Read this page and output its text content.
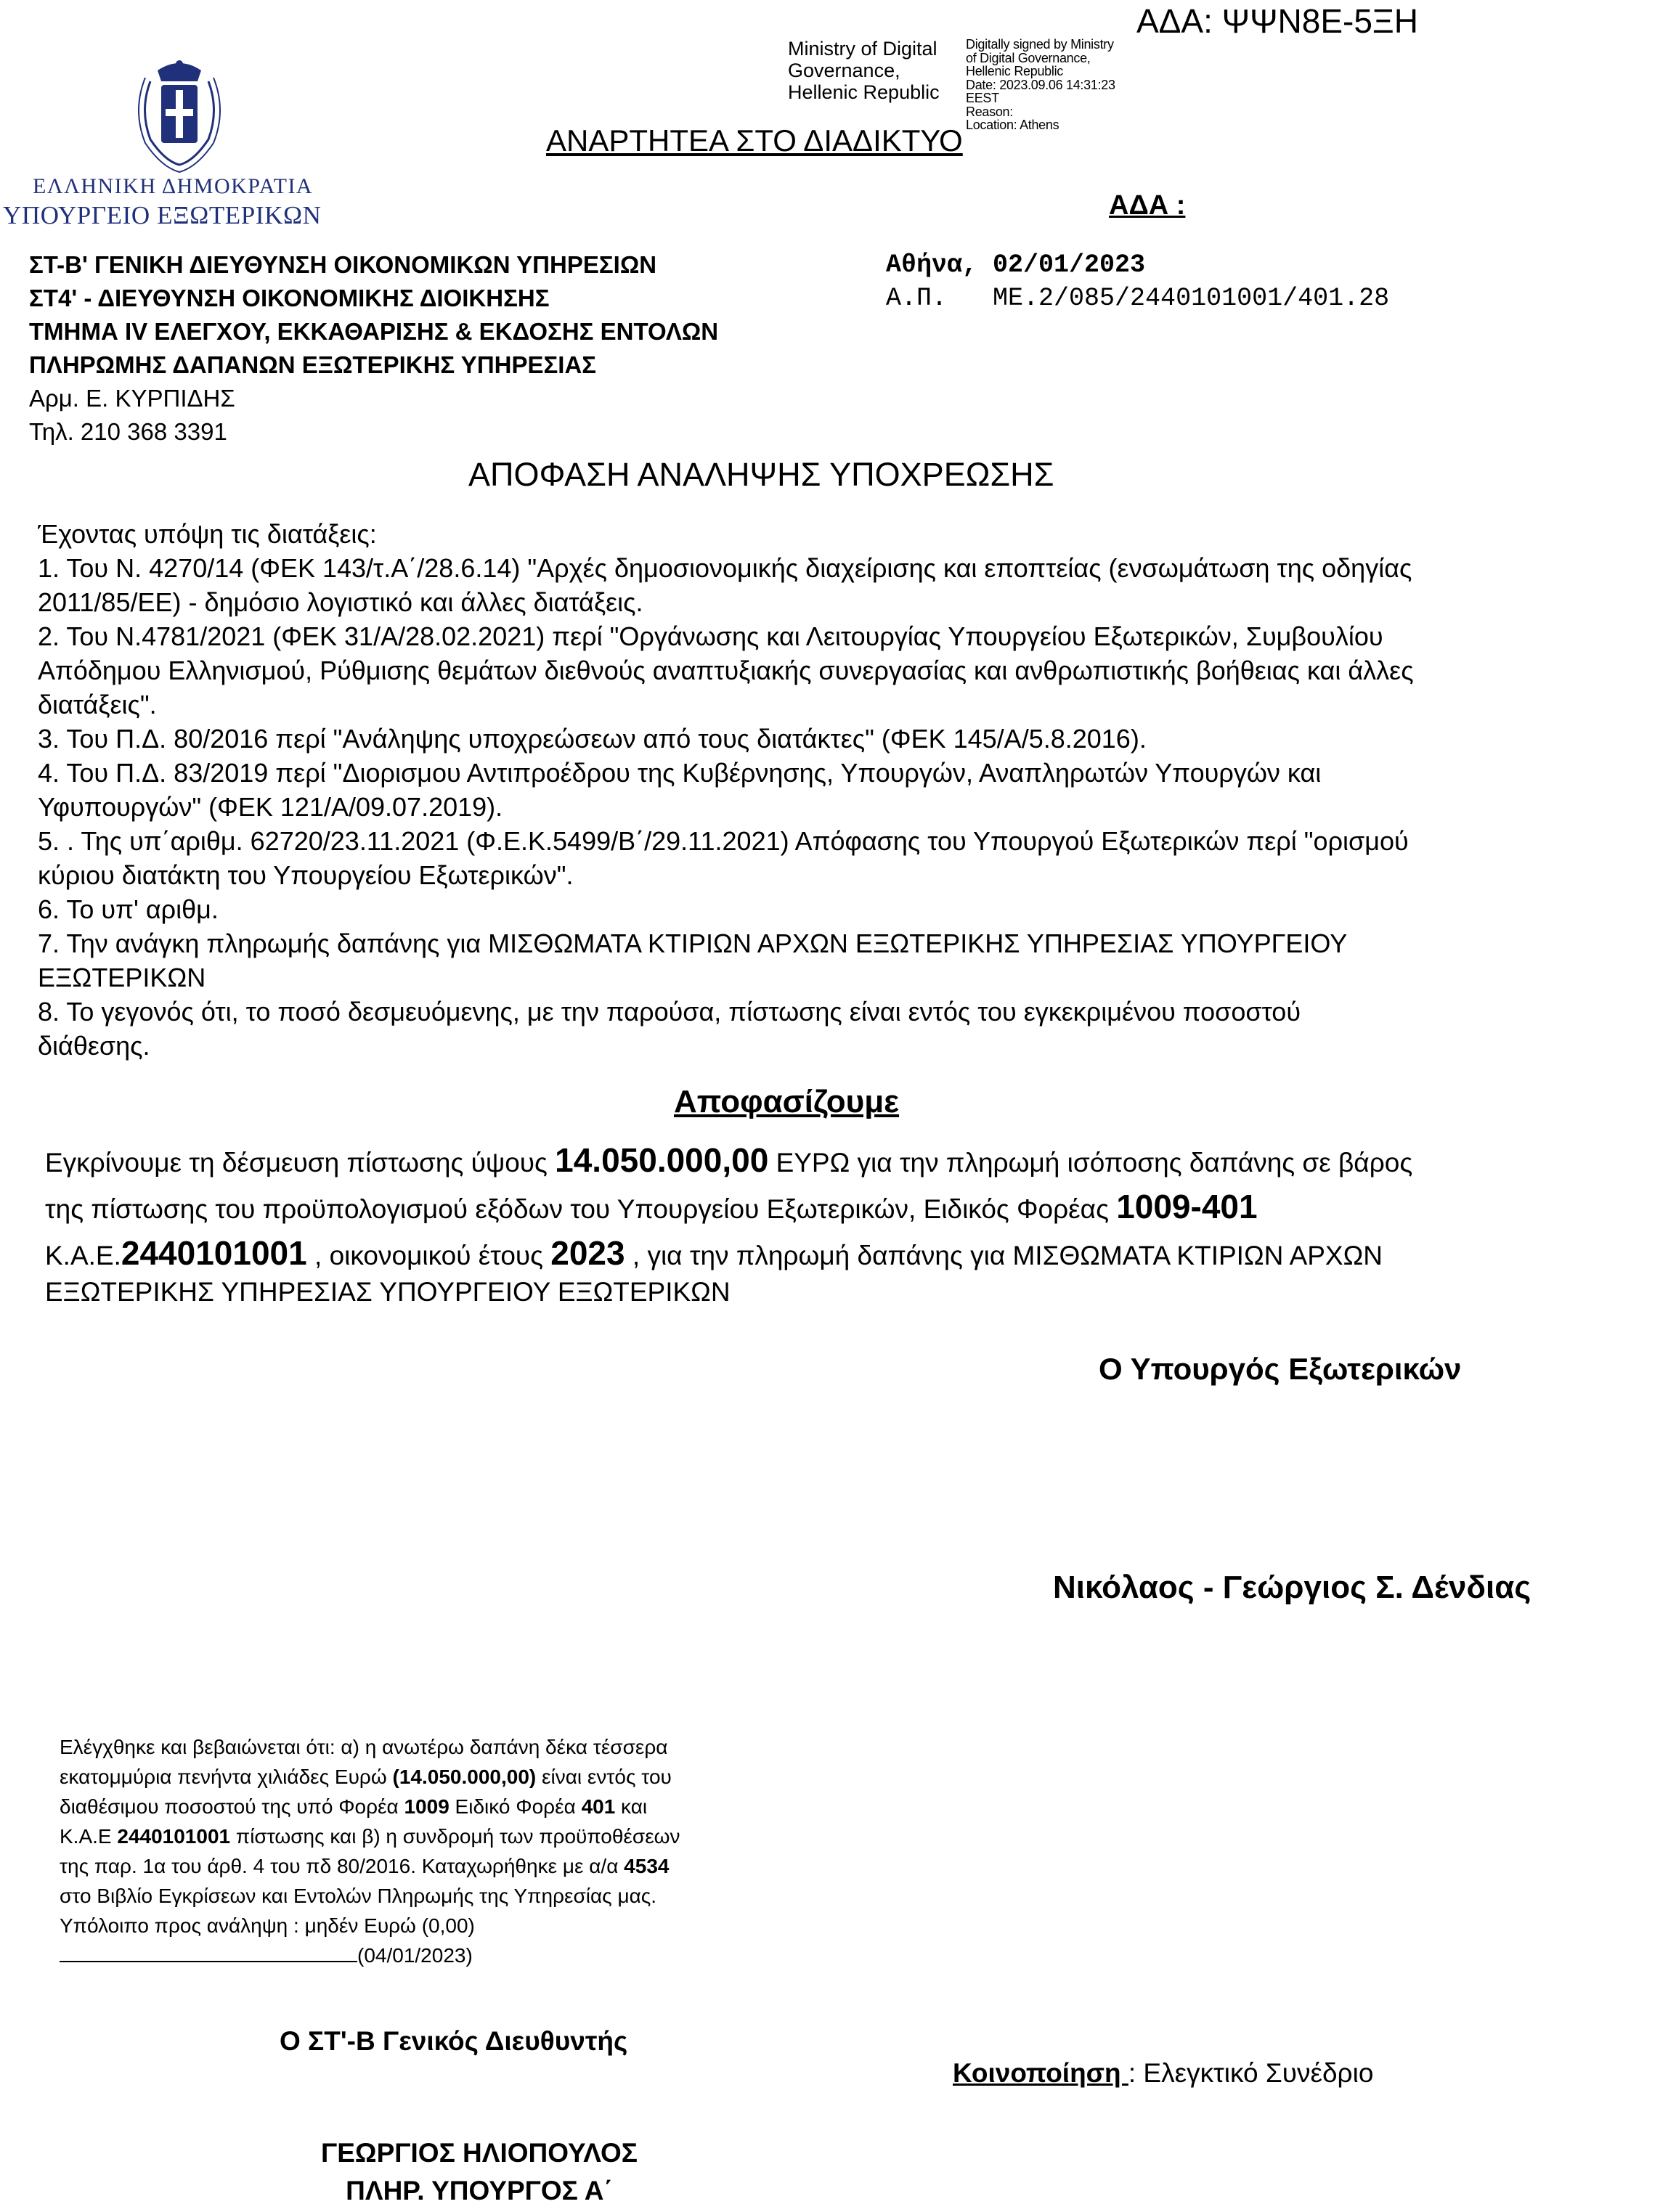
ΑΔΑ: ΨΨΝ8Ε-5ΞΗ
Ministry of Digital
Governance,
Hellenic Republic
Digitally signed by Ministry
of Digital Governance,
Hellenic Republic
Date: 2023.09.06 14:31:23
EEST
Reason:
Location: Athens
ΑΝΑΡΤΗΤΕΑ ΣΤΟ ΔΙΑΔΙΚΤΥΟ
ΕΛΛΗΝΙΚΗ ΔΗΜΟΚΡΑΤΙΑ
ΥΠΟΥΡΓΕΙΟ ΕΞΩΤΕΡΙΚΩΝ	ΑΔΑ :
ΣΤ-Β' ΓΕΝΙΚΗ ΔΙΕΥΘΥΝΣΗ ΟΙΚΟΝΟΜΙΚΩΝ ΥΠΗΡΕΣΙΩΝ
ΣΤ4' - ΔΙΕΥΘΥΝΣΗ ΟΙΚΟΝΟΜΙΚΗΣ ΔΙΟΙΚΗΣΗΣ
ΤΜΗΜΑ IV ΕΛΕΓΧΟΥ, ΕΚΚΑΘΑΡΙΣΗΣ & ΕΚΔΟΣΗΣ ΕΝΤΟΛΩΝ
ΠΛΗΡΩΜΗΣ ΔΑΠΑΝΩΝ ΕΞΩΤΕΡΙΚΗΣ ΥΠΗΡΕΣΙΑΣ
Αρμ. Ε. ΚΥΡΠΙΔΗΣ
Τηλ. 210 368 3391
Αθήνα, 02/01/2023
Α.Π.   ΜΕ.2/085/2440101001/401.28
ΑΠΟΦΑΣΗ ΑΝΑΛΗΨΗΣ ΥΠΟΧΡΕΩΣΗΣ
Έχοντας υπόψη τις διατάξεις:
1. Του Ν. 4270/14 (ΦΕΚ 143/τ.Α΄/28.6.14) "Αρχές δημοσιονομικής διαχείρισης και εποπτείας (ενσωμάτωση της οδηγίας
2011/85/ΕΕ) - δημόσιο λογιστικό και άλλες διατάξεις.
2. Του Ν.4781/2021 (ΦΕΚ 31/Α/28.02.2021) περί "Οργάνωσης και Λειτουργίας Υπουργείου Εξωτερικών, Συμβουλίου
Απόδημου Ελληνισμού, Ρύθμισης θεμάτων διεθνούς αναπτυξιακής συνεργασίας και ανθρωπιστικής βοήθειας και άλλες
διατάξεις".
3. Του Π.Δ. 80/2016 περί "Ανάληψης υποχρεώσεων από τους διατάκτες" (ΦΕΚ 145/Α/5.8.2016).
4. Του Π.Δ. 83/2019 περί "Διορισμου Αντιπροέδρου της Κυβέρνησης, Υπουργών, Αναπληρωτών Υπουργών και
Υφυπουργών" (ΦΕΚ 121/Α/09.07.2019).
5. . Της υπ΄αριθμ. 62720/23.11.2021 (Φ.Ε.Κ.5499/Β΄/29.11.2021) Απόφασης του Υπουργού Εξωτερικών περί "ορισμού
κύριου διατάκτη του Υπουργείου Εξωτερικών".
6. Το υπ' αριθμ.
7. Την ανάγκη πληρωμής δαπάνης για ΜΙΣΘΩΜΑΤΑ ΚΤΙΡΙΩΝ ΑΡΧΩΝ ΕΞΩΤΕΡΙΚΗΣ ΥΠΗΡΕΣΙΑΣ ΥΠΟΥΡΓΕΙΟΥ
ΕΞΩΤΕΡΙΚΩΝ
8. Το γεγονός ότι, το ποσό δεσμευόμενης, με την παρούσα, πίστωσης είναι εντός του εγκεκριμένου ποσοστού
διάθεσης.
Αποφασίζουμε
Εγκρίνουμε τη δέσμευση πίστωσης ύψους 14.050.000,00 ΕΥΡΩ για την πληρωμή ισόποσης δαπάνης σε βάρος
της πίστωσης του προϋπολογισμού εξόδων του Υπουργείου Εξωτερικών, Ειδικός Φορέας 1009-401
Κ.Α.Ε.2440101001 , οικονομικού έτους 2023 , για την πληρωμή δαπάνης για ΜΙΣΘΩΜΑΤΑ ΚΤΙΡΙΩΝ ΑΡΧΩΝ
ΕΞΩΤΕΡΙΚΗΣ ΥΠΗΡΕΣΙΑΣ ΥΠΟΥΡΓΕΙΟΥ ΕΞΩΤΕΡΙΚΩΝ
Ο Υπουργός Εξωτερικών
Νικόλαος - Γεώργιος Σ. Δένδιας
Ελέγχθηκε και βεβαιώνεται ότι: α) η ανωτέρω δαπάνη δέκα τέσσερα
εκατομμύρια πενήντα χιλιάδες Ευρώ (14.050.000,00) είναι εντός του
διαθέσιμου ποσοστού της υπό Φορέα 1009 Ειδικό Φορέα 401 και
Κ.Α.Ε 2440101001 πίστωσης και β) η συνδρομή των προϋποθέσεων
της παρ. 1α του άρθ. 4 του πδ 80/2016. Καταχωρήθηκε με α/α 4534
στο Βιβλίο Εγκρίσεων και Εντολών Πληρωμής της Υπηρεσίας μας.
Υπόλοιπο προς ανάληψη : μηδέν Ευρώ (0,00)
(04/01/2023)
Ο ΣΤ'-Β Γενικός Διευθυντής
Κοινοποίηση : Ελεγκτικό Συνέδριο
ΓΕΩΡΓΙΟΣ ΗΛΙΟΠΟΥΛΟΣ
ΠΛΗΡ. ΥΠΟΥΡΓΟΣ Α΄
